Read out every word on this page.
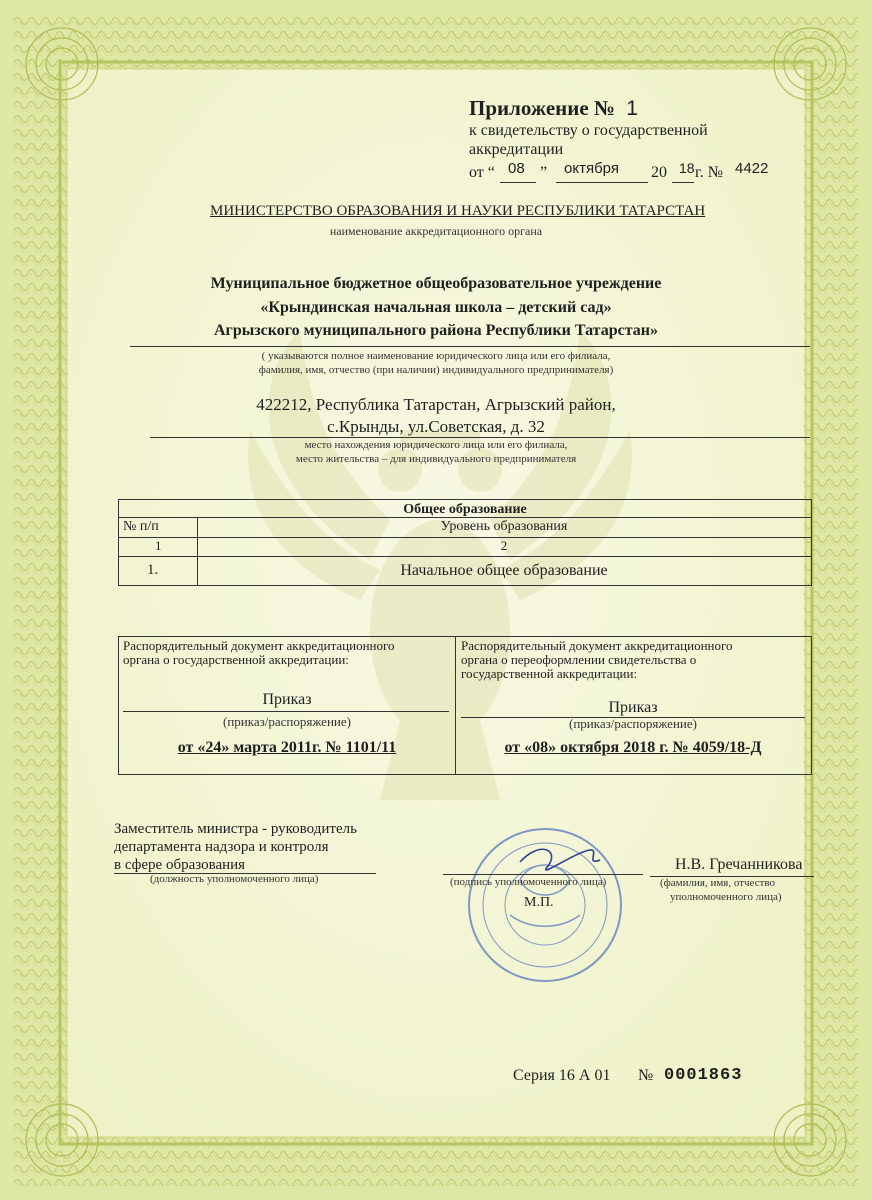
Приложение № 1
к свидетельству о государственной
аккредитации
от “ 08 ” октября 20 18 г. № 4422
МИНИСТЕРСТВО ОБРАЗОВАНИЯ И НАУКИ РЕСПУБЛИКИ ТАТАРСТАН
наименование аккредитационного органа
Муниципальное бюджетное общеобразовательное учреждение
«Крындинская начальная школа – детский сад»
Агрызского муниципального района Республики Татарстан»
( указываются полное наименование юридического лица или его филиала,
фамилия, имя, отчество (при наличии) индивидуального предпринимателя)
422212, Республика Татарстан, Агрызский район,
с.Крынды, ул.Советская, д. 32
место нахождения юридического лица или его филиала,
место жительства – для индивидуального предпринимателя
Общее образование
№ п/п	Уровень образования
1	2
1.	Начальное общее образование
Распорядительный документ аккредитационного
органа о государственной аккредитации:
Приказ
(приказ/распоряжение)
от «24» марта 2011г. № 1101/11
Распорядительный документ аккредитационного
органа о переоформлении свидетельства о
государственной аккредитации:
Приказ
(приказ/распоряжение)
от «08» октября 2018 г. № 4059/18-Д
Заместитель министра - руководитель
департамента надзора и контроля
в сфере образования
(должность уполномоченного лица)	(подпись уполномоченного лица)
М.П.
Н.В. Гречанникова
(фамилия, имя, отчество
уполномоченного лица)
Серия 16 А 01 № 0001863
